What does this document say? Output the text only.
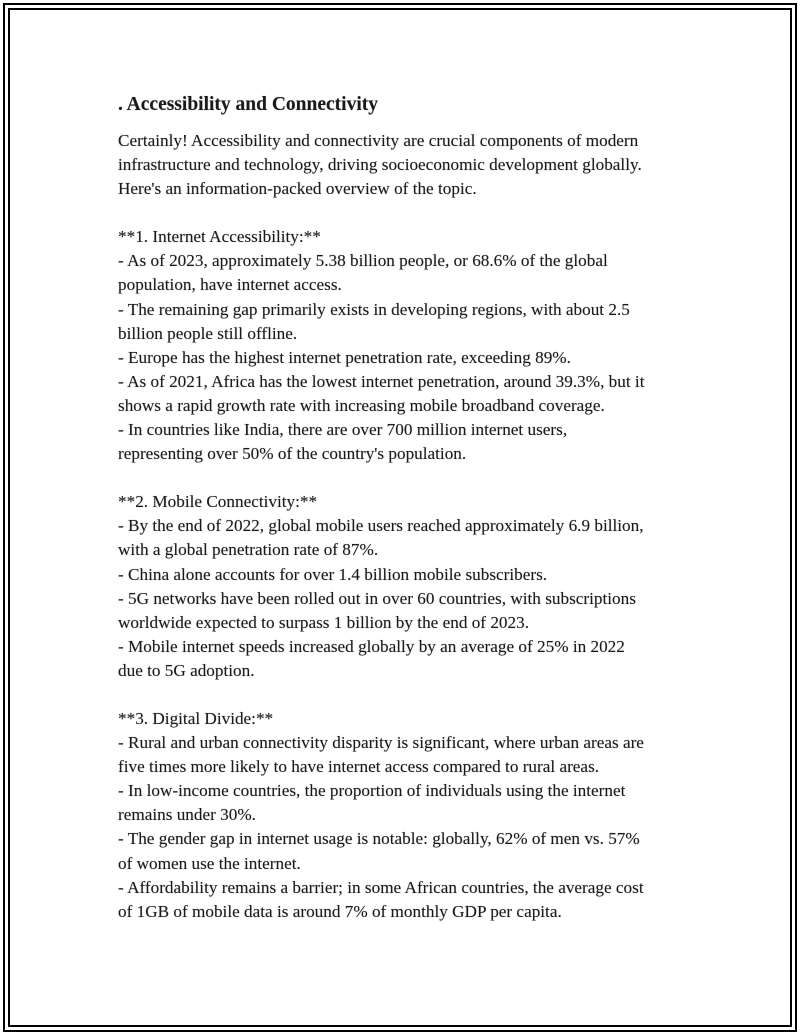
. Accessibility and Connectivity

Certainly! Accessibility and connectivity are crucial components of modern
infrastructure and technology, driving socioeconomic development globally.
Here's an information-packed overview of the topic.

**1. Internet Accessibility:**
- As of 2023, approximately 5.38 billion people, or 68.6% of the global
population, have internet access.
- The remaining gap primarily exists in developing regions, with about 2.5
billion people still offline.
- Europe has the highest internet penetration rate, exceeding 89%.
- As of 2021, Africa has the lowest internet penetration, around 39.3%, but it
shows a rapid growth rate with increasing mobile broadband coverage.
- In countries like India, there are over 700 million internet users,
representing over 50% of the country's population.
**2. Mobile Connectivity:**
- By the end of 2022, global mobile users reached approximately 6.9 billion,
with a global penetration rate of 87%.
- China alone accounts for over 1.4 billion mobile subscribers.
- 5G networks have been rolled out in over 60 countries, with subscriptions
worldwide expected to surpass 1 billion by the end of 2023.
- Mobile internet speeds increased globally by an average of 25% in 2022
due to 5G adoption.
**3. Digital Divide:**
- Rural and urban connectivity disparity is significant, where urban areas are
five times more likely to have internet access compared to rural areas.
- In low-income countries, the proportion of individuals using the internet
remains under 30%.
- The gender gap in internet usage is notable: globally, 62% of men vs. 57%
of women use the internet.
- Affordability remains a barrier; in some African countries, the average cost
of 1GB of mobile data is around 7% of monthly GDP per capita.
